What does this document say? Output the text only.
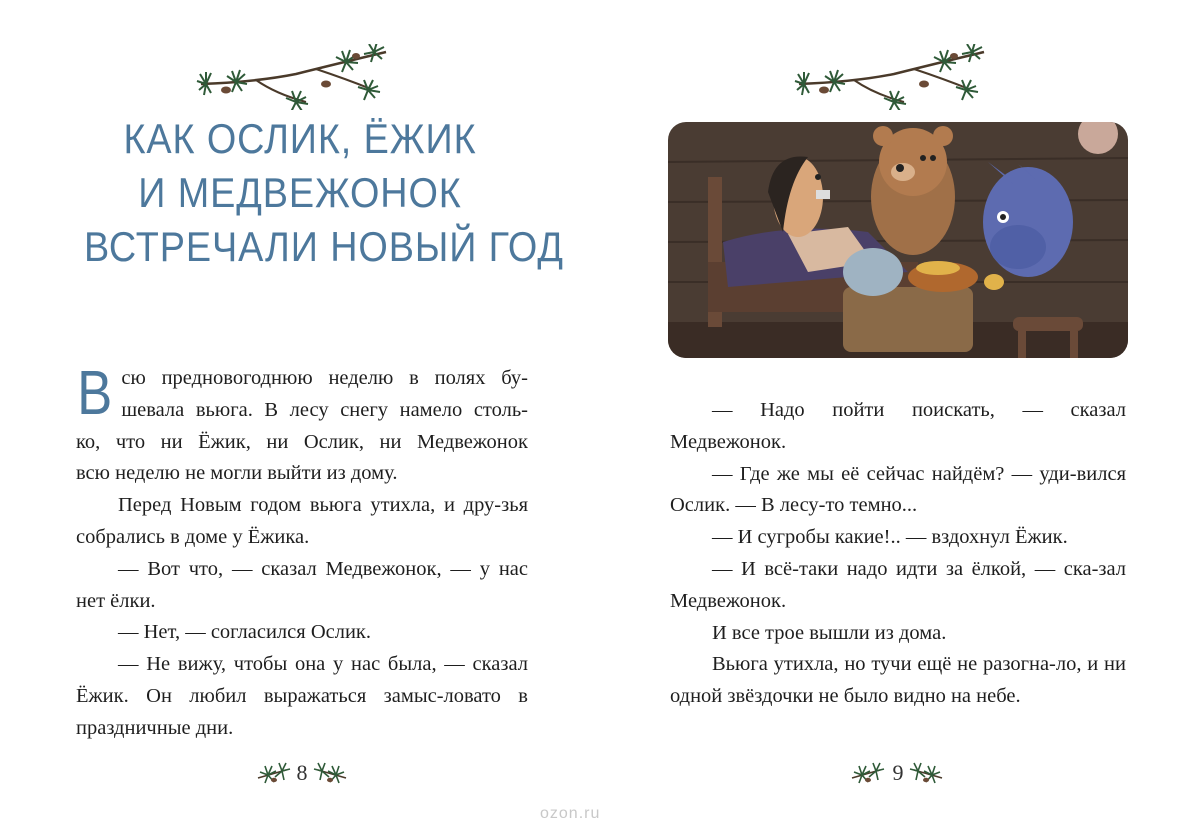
КАК ОСЛИК, ЁЖИК
И МЕДВЕЖОНОК
ВСТРЕЧАЛИ НОВЫЙ ГОД
В сю предновогоднюю неделю в полях бу-
шевала вьюга. В лесу снегу намело столь-
ко, что ни Ёжик, ни Ослик, ни Медвежонок
всю неделю не могли выйти из дому.

Перед Новым годом вьюга утихла, и дру-зья собрались в доме у Ёжика.

— Вот что, — сказал Медвежонок, — у нас нет ёлки.

— Нет, — согласился Ослик.

— Не вижу, чтобы она у нас была, — сказал Ёжик. Он любил выражаться замыс-ловато в праздничные дни.

8

— Надо пойти поискать, — сказал Медвежонок.

— Где же мы её сейчас найдём? — уди-вился Ослик. — В лесу-то темно...

— И сугробы какие!.. — вздохнул Ёжик.

— И всё-таки надо идти за ёлкой, — ска-зал Медвежонок.

И все трое вышли из дома.

Вьюга утихла, но тучи ещё не разогна-ло, и ни одной звёздочки не было видно на небе.

9
ozon.ru
